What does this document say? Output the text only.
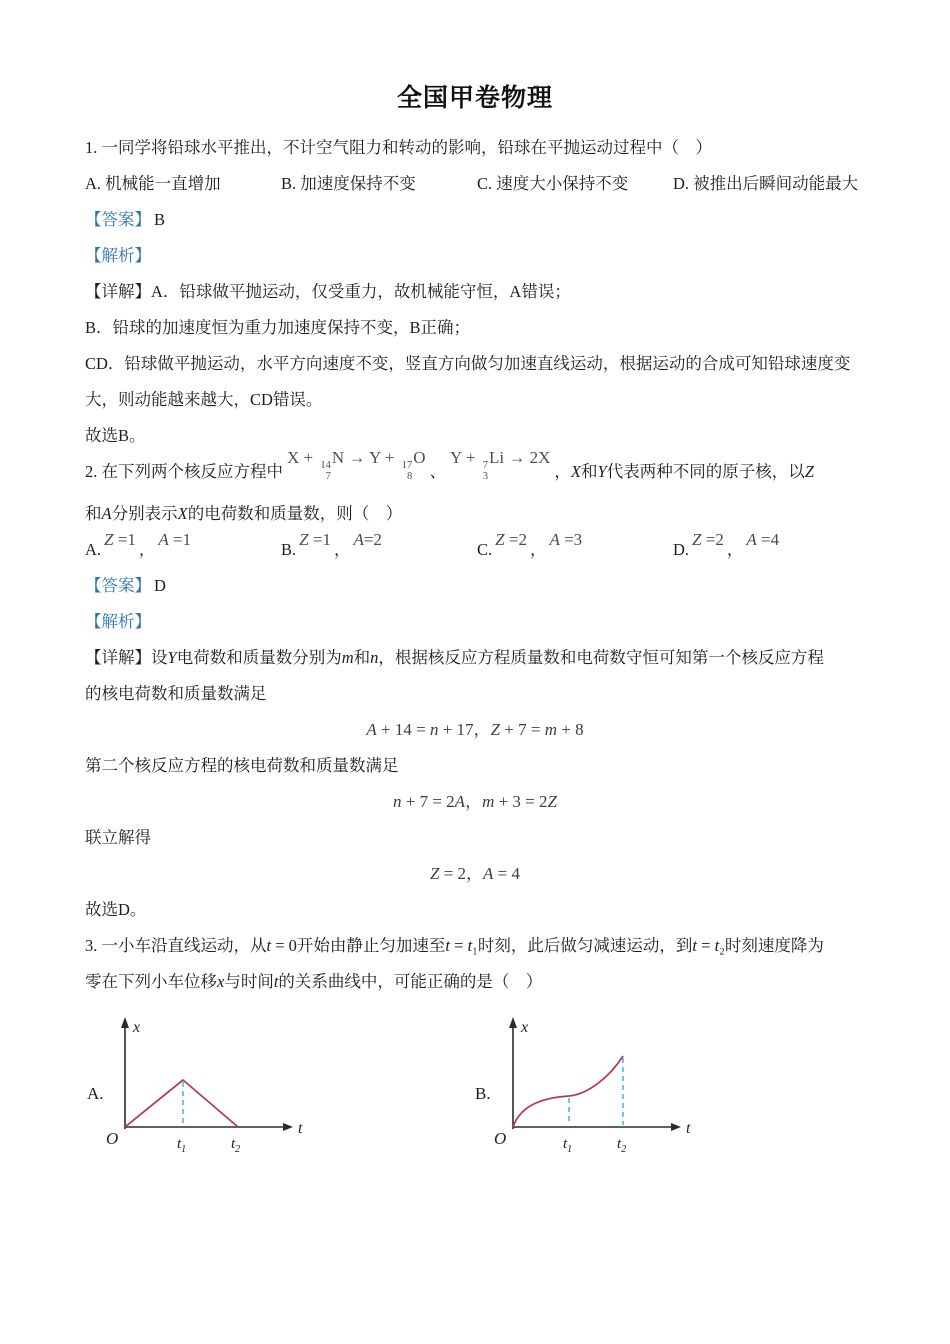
全国甲卷物理

1. 一同学将铅球水平推出，不计空气阻力和转动的影响，铅球在平抛运动过程中（　）

A. 机械能一直增加	B. 加速度保持不变	C. 速度大小保持不变	D. 被推出后瞬间动能最大

【答案】 B

【解析】

【详解】A．铅球做平抛运动，仅受重力，故机械能守恒，A错误；

B．铅球的加速度恒为重力加速度保持不变，B正确；

CD．铅球做平抛运动，水平方向速度不变，竖直方向做匀加速直线运动，根据运动的合成可知铅球速度变

大，则动能越来越大，CD错误。

故选B。

2. 在下列两个核反应方程中X + 14
7
N → Y + 17
8
O、Y + 7
3
Li → 2X，X和Y代表两种不同的原子核，以Z

和A分别表示X的电荷数和质量数，则（　）

A.Z =1，A =1
B.Z =1，A=2
C.Z =2，A =3
D.Z =2，A =4

【答案】 D

【解析】

【详解】设Y电荷数和质量数分别为m和n，根据核反应方程质量数和电荷数守恒可知第一个核反应方程

的核电荷数和质量数满足

A + 14 = n + 17，Z + 7 = m + 8

第二个核反应方程的核电荷数和质量数满足

n + 7 = 2A，m + 3 = 2Z

联立解得

Z = 2，A = 4

故选D。

3. 一小车沿直线运动，从t = 0开始由静止匀加速至t = t₁时刻，此后做匀减速运动，到t = t₂时刻速度降为

零在下列小车位移x与时间t的关系曲线中，可能正确的是（　）

A.
x
t
O	$t_1$	$t_2$
B.
x
t
O	$t_1$	$t_2$
